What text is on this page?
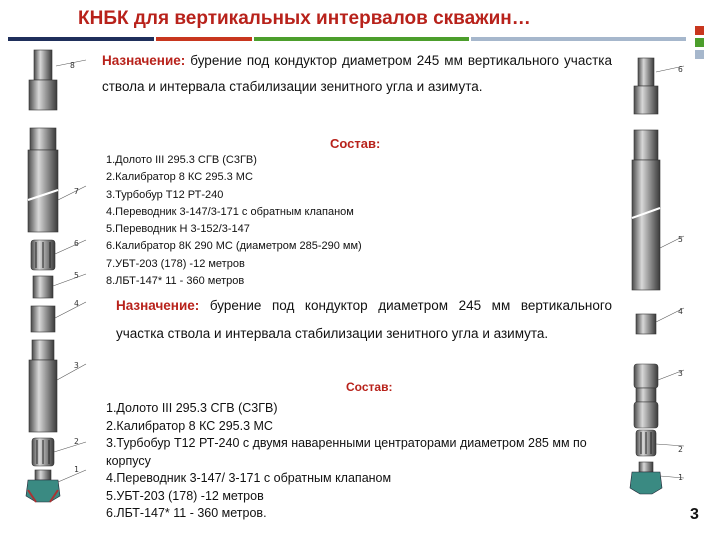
КНБК для вертикальных интервалов скважин…
8
7
6
5
4
3
2
1
6
5
4
3
2
1
Назначение: бурение под кондуктор диаметром 245 мм вертикального участка ствола и интервала стабилизации зенитного угла и азимута.
Состав:
1.Долото III 295.3 СГВ (С3ГВ)
2.Калибратор 8 КС 295.3 МС
3.Турбобур Т12 РТ-240
4.Переводник 3-147/3-171 с обратным клапаном
5.Переводник Н 3-152/3-147
6.Калибратор 8К 290 МС (диаметром 285-290 мм)
7.УБТ-203 (178) -12 метров
8.ЛБТ-147* 11 - 360 метров
Назначение: бурение под кондуктор диаметром 245 мм вертикального участка ствола и интервала стабилизации зенитного угла и азимута.
Состав:
1.Долото III 295.3 СГВ (С3ГВ)
2.Калибратор 8 КС 295.3 МС
3.Турбобур Т12 РТ-240 с двумя наваренными центраторами диаметром 285 мм по корпусу
4.Переводник 3-147/ 3-171 с обратным клапаном
5.УБТ-203 (178) -12 метров
6.ЛБТ-147* 11 - 360 метров.	3
